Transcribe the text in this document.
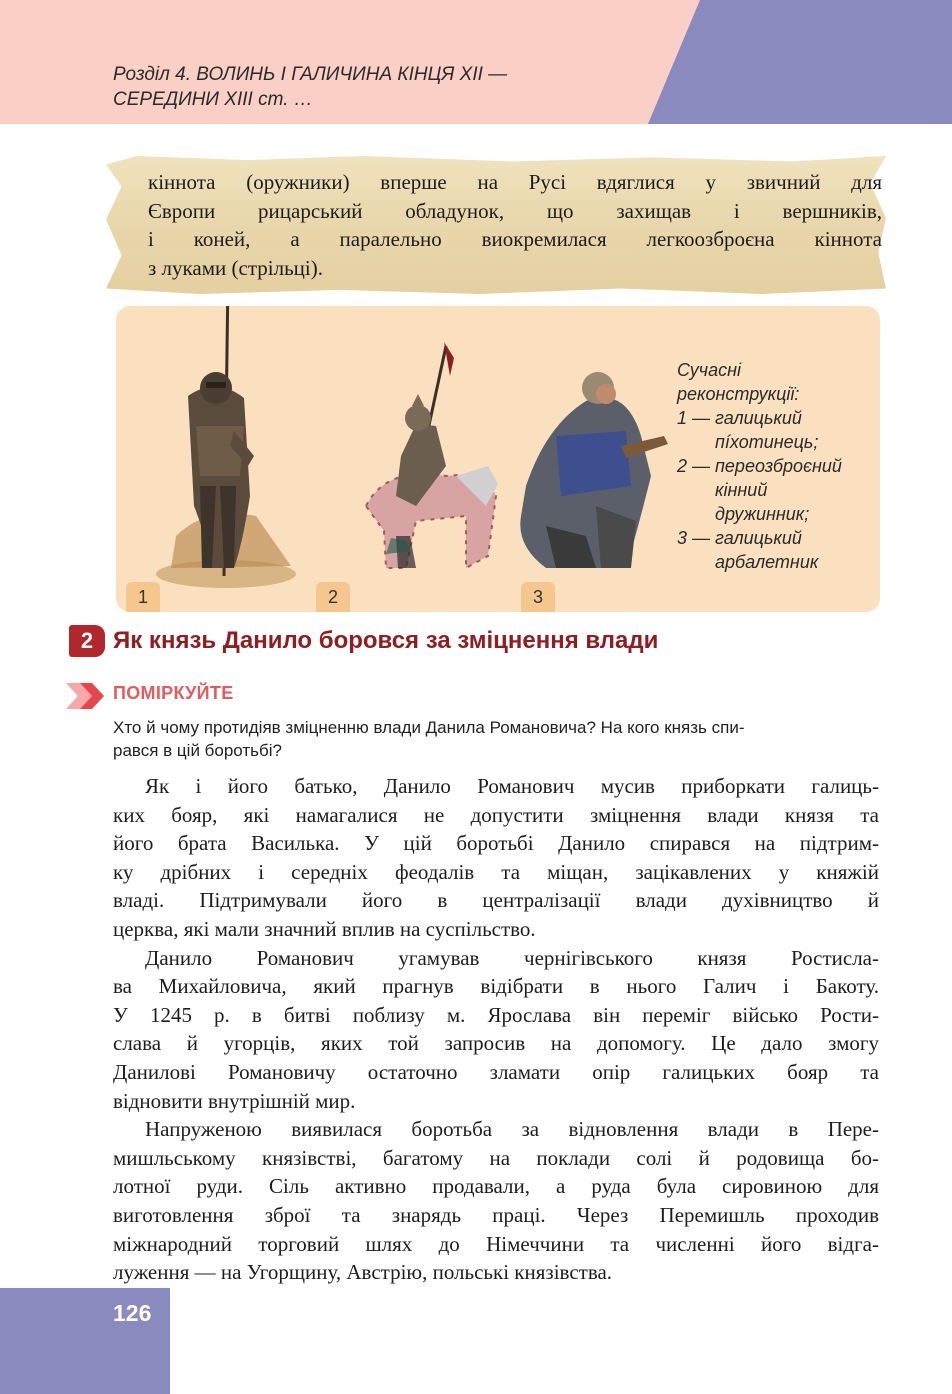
Розділ 4. ВОЛИНЬ І ГАЛИЧИНА КІНЦЯ XII —
СЕРЕДИНИ XIII ст. …
кіннота (оружники) вперше на Русі вдяглися у звичний для
Європи рицарський обладунок, що захищав і вершників,
і коней, а паралельно виокремилася легкоозброєна кіннота
з луками (стрільці).
1	2	3
Сучасні
реконструкції:
1 — галицький
пíхотинець;
2 — переозброєний
кінний
дружинник;
3 — галицький
арбалетник
2 Як князь Данило боровся за зміцнення влади
ПОМІРКУЙТЕ
Хто й чому протидіяв зміцненню влади Данила Романовича? На кого князь спи-
рався в цій боротьбі?
Як і його батько, Данило Романович мусив приборкати галиць-
ких бояр, які намагалися не допустити зміцнення влади князя та
його брата Василька. У цій боротьбі Данило спирався на підтрим-
ку дрібних і середніх феодалів та міщан, зацікавлених у княжій
владі. Підтримували його в централізації влади духівництво й
церква, які мали значний вплив на суспільство.
Данило Романович угамував чернігівського князя Ростисла-
ва Михайловича, який прагнув відібрати в нього Галич і Бакоту.
У 1245 р. в битві поблизу м. Ярослава він переміг військо Рости-
слава й угорців, яких той запросив на допомогу. Це дало змогу
Данилові Романовичу остаточно зламати опір галицьких бояр та
відновити внутрішній мир.
Напруженою виявилася боротьба за відновлення влади в Пере-
мишльському князівстві, багатому на поклади солі й родовища бо-
лотної руди. Сіль активно продавали, а руда була сировиною для
виготовлення зброї та знарядь праці. Через Перемишль проходив
міжнародний торговий шлях до Німеччини та численні його відга-
луження — на Угорщину, Австрію, польські князівства.
126
